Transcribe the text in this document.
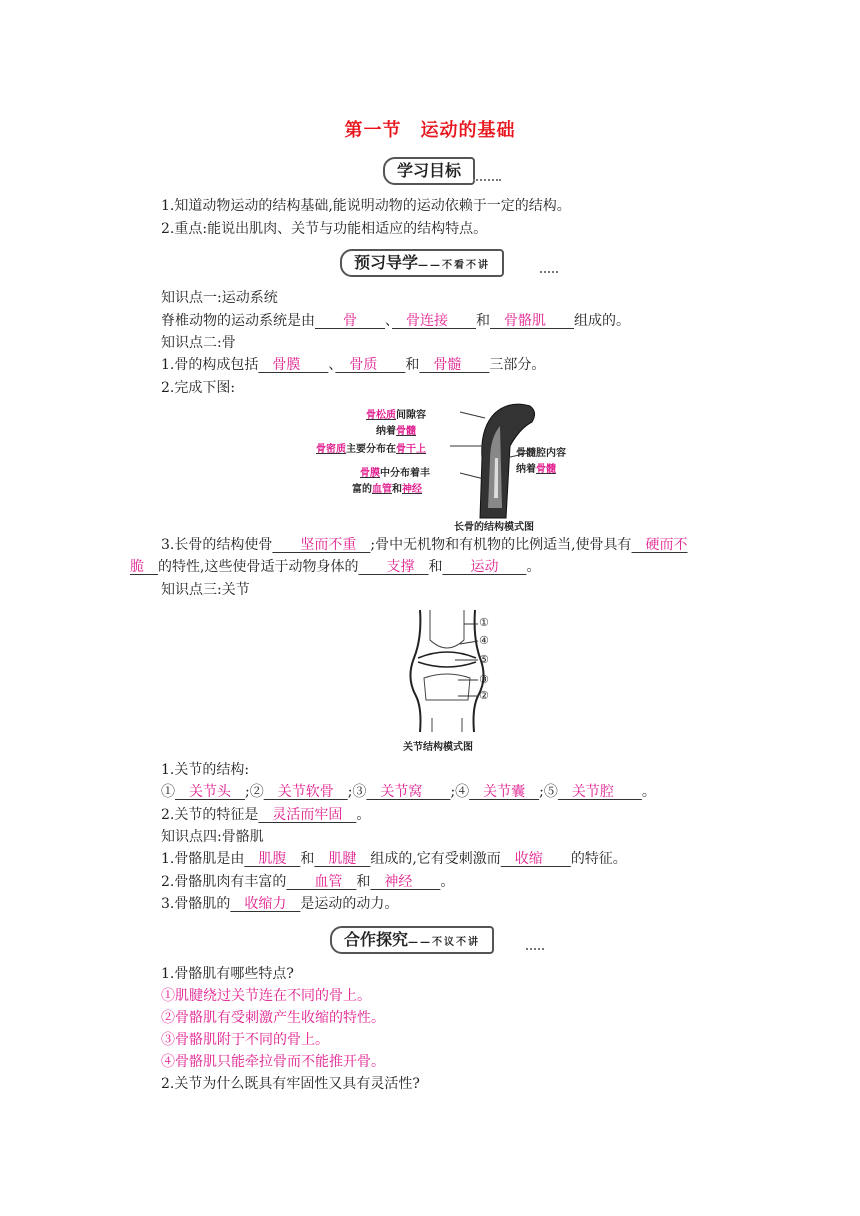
第一节　运动的基础
学习目标
1.知道动物运动的结构基础,能说明动物的运动依赖于一定的结构。
2.重点:能说出肌肉、关节与功能相适应的结构特点。
预习导学——不看不讲
知识点一:运动系统
脊椎动物的运动系统是由　　骨　　、　骨连接　　和　骨骼肌　　组成的。
知识点二:骨
1.骨的构成包括　骨膜　　、　骨质　　和　骨髓　　三部分。
2.完成下图:
骨松质间隙容
纳着骨髓
骨密质主要分布在骨干上	骨髓腔内容
纳着骨髓
骨膜中分布着丰
富的血管和神经
长骨的结构模式图
3.长骨的结构使骨　　坚而不重　;骨中无机物和有机物的比例适当,使骨具有　硬而不
脆　的特性,这些使骨适于动物身体的　　支撑　和　　运动　　。
知识点三:关节
①
④
⑤
③
②
关节结构模式图
1.关节的结构:
①　关节头　;②　关节软骨　;③　关节窝　　;④　关节囊　;⑤　关节腔　　。
2.关节的特征是　灵活而牢固　。
知识点四:骨骼肌
1.骨骼肌是由　肌腹　和　肌腱　组成的,它有受刺激而　收缩　　的特征。
2.骨骼肌肉有丰富的　　血管　和　神经　　。
3.骨骼肌的　收缩力　是运动的动力。
合作探究——不议不讲
1.骨骼肌有哪些特点?
①肌腱绕过关节连在不同的骨上。
②骨骼肌有受刺激产生收缩的特性。
③骨骼肌附于不同的骨上。
④骨骼肌只能牵拉骨而不能推开骨。
2.关节为什么既具有牢固性又具有灵活性?
